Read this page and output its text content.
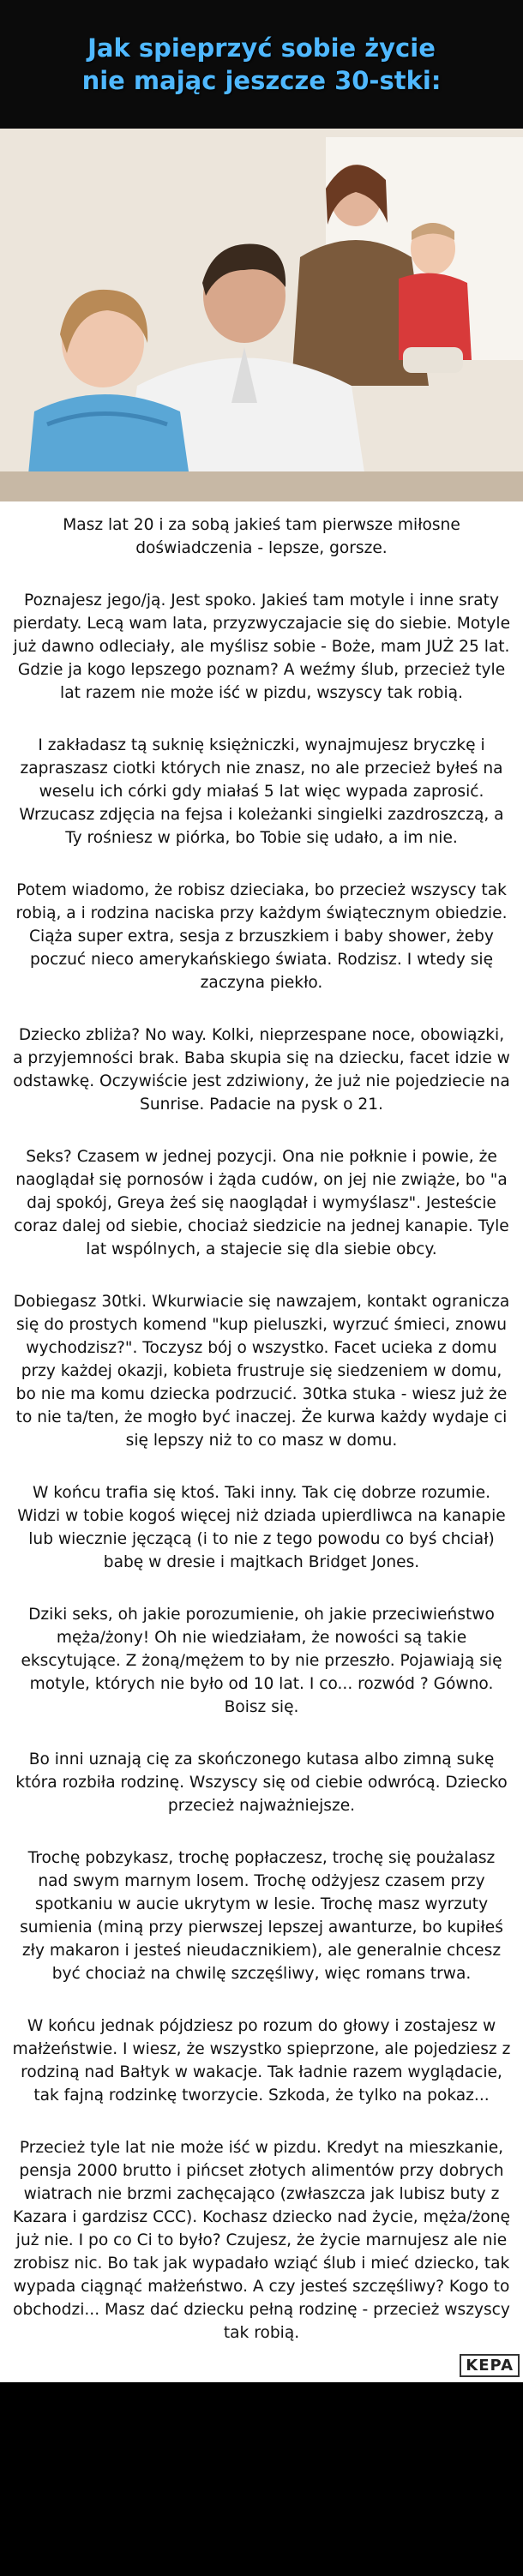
Jak spieprzyć sobie życie
nie mając jeszcze 30-stki:

Masz lat 20 i za sobą jakieś tam pierwsze miłosne doświadczenia - lepsze, gorsze.

Poznajesz jego/ją. Jest spoko. Jakieś tam motyle i inne sraty pierdaty. Lecą wam lata, przyzwyczajacie się do siebie. Motyle już dawno odleciały, ale myślisz sobie - Boże, mam JUŻ 25 lat. Gdzie ja kogo lepszego poznam? A weźmy ślub, przecież tyle lat razem nie może iść w pizdu, wszyscy tak robią.

I zakładasz tą suknię księżniczki, wynajmujesz bryczkę i zapraszasz ciotki których nie znasz, no ale przecież byłeś na weselu ich córki gdy miałaś 5 lat więc wypada zaprosić. Wrzucasz zdjęcia na fejsa i koleżanki singielki zazdroszczą, a Ty rośniesz w piórka, bo Tobie się udało, a im nie.

Potem wiadomo, że robisz dzieciaka, bo przecież wszyscy tak robią, a i rodzina naciska przy każdym świątecznym obiedzie. Ciąża super extra, sesja z brzuszkiem i baby shower, żeby poczuć nieco amerykańskiego świata. Rodzisz. I wtedy się zaczyna piekło.

Dziecko zbliża? No way. Kolki, nieprzespane noce, obowiązki, a przyjemności brak. Baba skupia się na dziecku, facet idzie w odstawkę. Oczywiście jest zdziwiony, że już nie pojedziecie na Sunrise. Padacie na pysk o 21.

Seks? Czasem w jednej pozycji. Ona nie połknie i powie, że naoglądał się pornosów i żąda cudów, on jej nie zwiąże, bo "a daj spokój, Greya żeś się naoglądał i wymyślasz". Jesteście coraz dalej od siebie, chociaż siedzicie na jednej kanapie. Tyle lat wspólnych, a stajecie się dla siebie obcy.

Dobiegasz 30tki. Wkurwiacie się nawzajem, kontakt ogranicza się do prostych komend "kup pieluszki, wyrzuć śmieci, znowu wychodzisz?". Toczysz bój o wszystko. Facet ucieka z domu przy każdej okazji, kobieta frustruje się siedzeniem w domu, bo nie ma komu dziecka podrzucić. 30tka stuka - wiesz już że to nie ta/ten, że mogło być inaczej. Że kurwa każdy wydaje ci się lepszy niż to co masz w domu.

W końcu trafia się ktoś. Taki inny. Tak cię dobrze rozumie. Widzi w tobie kogoś więcej niż dziada upierdliwca na kanapie lub wiecznie jęczącą (i to nie z tego powodu co byś chciał) babę w dresie i majtkach Bridget Jones.

Dziki seks, oh jakie porozumienie, oh jakie przeciwieństwo męża/żony! Oh nie wiedziałam, że nowości są takie ekscytujące. Z żoną/mężem to by nie przeszło. Pojawiają się motyle, których nie było od 10 lat. I co... rozwód ? Gówno. Boisz się.

Bo inni uznają cię za skończonego kutasa albo zimną sukę która rozbiła rodzinę. Wszyscy się od ciebie odwrócą. Dziecko przecież najważniejsze.

Trochę pobzykasz, trochę popłaczesz, trochę się poużalasz nad swym marnym losem. Trochę odżyjesz czasem przy spotkaniu w aucie ukrytym w lesie. Trochę masz wyrzuty sumienia (miną przy pierwszej lepszej awanturze, bo kupiłeś zły makaron i jesteś nieudacznikiem), ale generalnie chcesz być chociaż na chwilę szczęśliwy, więc romans trwa.

W końcu jednak pójdziesz po rozum do głowy i zostajesz w małżeństwie. I wiesz, że wszystko spieprzone, ale pojedziesz z rodziną nad Bałtyk w wakacje. Tak ładnie razem wyglądacie, tak fajną rodzinkę tworzycie. Szkoda, że tylko na pokaz...

Przecież tyle lat nie może iść w pizdu. Kredyt na mieszkanie, pensja 2000 brutto i pińcset złotych alimentów przy dobrych wiatrach nie brzmi zachęcająco (zwłaszcza jak lubisz buty z Kazara i gardzisz CCC). Kochasz dziecko nad życie, męża/żonę już nie. I po co Ci to było? Czujesz, że życie marnujesz ale nie zrobisz nic. Bo tak jak wypadało wziąć ślub i mieć dziecko, tak wypada ciągnąć małżeństwo. A czy jesteś szczęśliwy? Kogo to obchodzi... Masz dać dziecku pełną rodzinę - przecież wszyscy tak robią.

KEPA
